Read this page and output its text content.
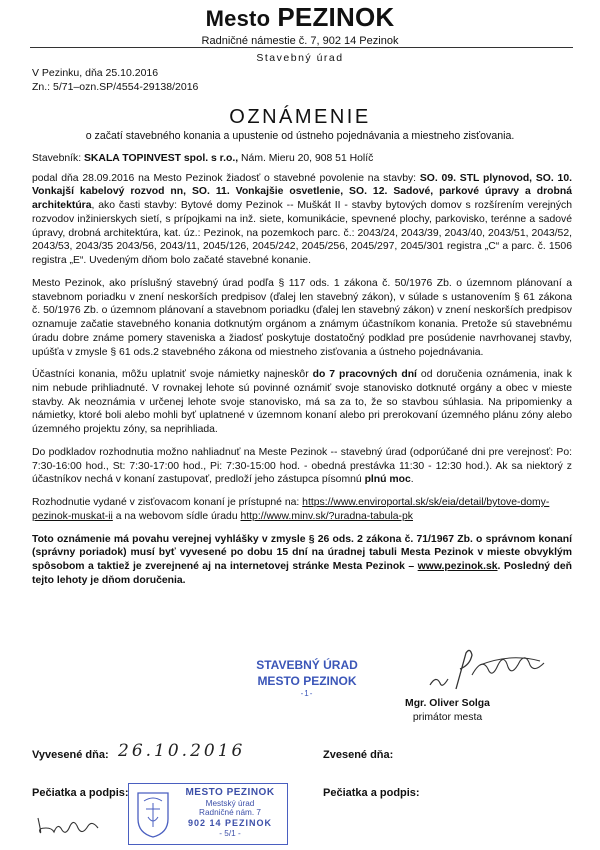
Mesto PEZINOK
Radničné námestie č. 7, 902 14 Pezinok
Stavebný úrad
V Pezinku, dňa 25.10.2016
Zn.: 5/71–ozn.SP/4554-29138/2016
OZNÁMENIE
o začatí stavebného konania a upustenie od ústneho pojednávania a miestneho zisťovania.

Stavebník: SKALA TOPINVEST spol. s r.o., Nám. Mieru 20, 908 51 Holíč

podal dňa 28.09.2016 na Mesto Pezinok žiadosť o stavebné povolenie na stavby: SO. 09. STL plynovod, SO. 10. Vonkajší kabelový rozvod nn, SO. 11. Vonkajšie osvetlenie, SO. 12. Sadové, parkové úpravy a drobná architektúra, ako časti stavby: Bytové domy Pezinok -- Muškát II - stavby bytových domov s rozšírením verejných rozvodov inžinierskych sietí, s prípojkami na inž. siete, komunikácie, spevnené plochy, parkovisko, terénne a sadové úpravy, drobná architektúra, kat. úz.: Pezinok, na pozemkoch parc. č.: 2043/24, 2043/39, 2043/40, 2043/51, 2043/52, 2043/53, 2043/35 2043/56, 2043/11, 2045/126, 2045/242, 2045/256, 2045/297, 2045/301 registra „C“ a parc. č. 1506 registra „E“. Uvedeným dňom bolo začaté stavebné konanie.

Mesto Pezinok, ako príslušný stavebný úrad podľa § 117 ods. 1 zákona č. 50/1976 Zb. o územnom plánovaní a stavebnom poriadku v znení neskorších predpisov (ďalej len stavebný zákon), v súlade s ustanovením § 61 zákona č. 50/1976 Zb. o územnom plánovaní a stavebnom poriadku (ďalej len stavebný zákon) v znení neskorších predpisov oznamuje začatie stavebného konania dotknutým orgánom a známym účastníkom konania. Pretože sú stavebnému úradu dobre známe pomery staveniska a žiadosť poskytuje dostatočný podklad pre posúdenie navrhovanej stavby, upúšťa v zmysle § 61 ods.2 stavebného zákona od miestneho zisťovania a ústneho pojednávania.

Účastníci konania, môžu uplatniť svoje námietky najneskôr do 7 pracovných dní od doručenia oznámenia, inak k nim nebude prihliadnuté. V rovnakej lehote sú povinné oznámiť svoje stanovisko dotknuté orgány a obec v mieste stavby. Ak neoznámia v určenej lehote svoje stanovisko, má sa za to, že so stavbou súhlasia. Na pripomienky a námietky, ktoré boli alebo mohli byť uplatnené v územnom konaní alebo pri prerokovaní územného plánu zóny alebo územného projektu zóny, sa neprihliada.

Do podkladov rozhodnutia možno nahliadnuť na Meste Pezinok -- stavebný úrad (odporúčané dni pre verejnosť: Po: 7:30-16:00 hod., St: 7:30-17:00 hod., Pi: 7:30-15:00 hod. - obedná prestávka 11:30 - 12:30 hod.). Ak sa niektorý z účastníkov nechá v konaní zastupovať, predloží jeho zástupca písomnú plnú moc.

Rozhodnutie vydané v zisťovacom konaní je prístupné na: https://www.enviroportal.sk/sk/eia/detail/bytove-domy-pezinok-muskat-ii a na webovom sídle úradu http://www.minv.sk/?uradna-tabula-pk

Toto oznámenie má povahu verejnej vyhlášky v zmysle § 26 ods. 2 zákona č. 71/1967 Zb. o správnom konaní (správny poriadok) musí byť vyvesené po dobu 15 dní na úradnej tabuli Mesta Pezinok v mieste obvyklým spôsobom a taktiež je zverejnené aj na internetovej stránke Mesta Pezinok – www.pezinok.sk. Posledný deň tejto lehoty je dňom doručenia.

STAVEBNÝ ÚRAD
MESTO PEZINOK
-1-
Mgr. Oliver Solga
primátor mesta
Vyvesené dňa: 26.10.2016	Zvesené dňa:
Pečiatka a podpis:	Pečiatka a podpis:
MESTO PEZINOK
Mestský úrad
Radničné nám. 7
902 14 PEZINOK
- 5/1 -
